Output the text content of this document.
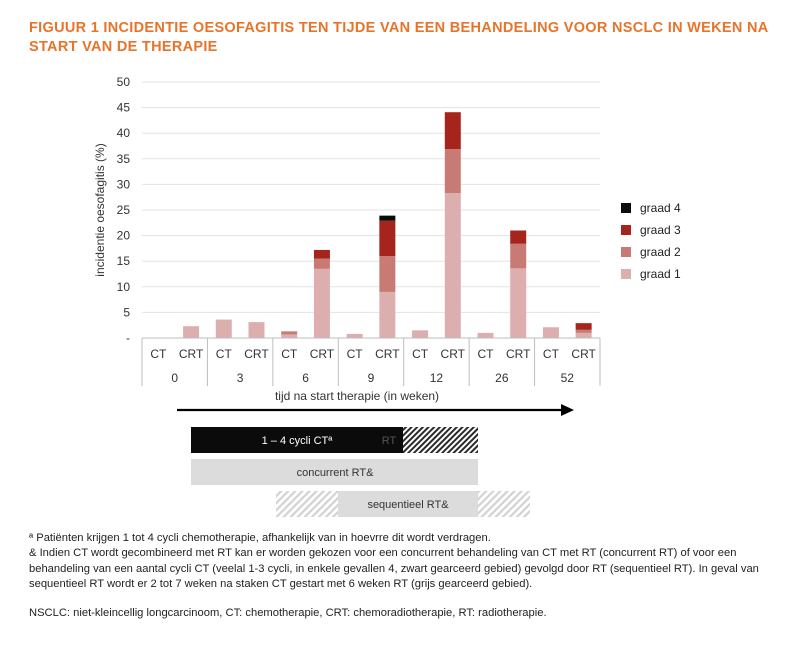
FIGUUR 1 INCIDENTIE OESOFAGITIS TEN TIJDE VAN EEN BEHANDELING VOOR NSCLC IN WEKEN NA START VAN DE THERAPIE
-
5
10
15
20
25
30
35
40
45
50
incidentie oesofagitis (%)
CT CRT CT CRT CT CRT CT CRT CT CRT CT CRT CT CRT
0	3	6	9	12	26	52
tijd na start therapie (in weken)
graad 4
graad 3
graad 2
graad 1
1 – 4 cycli CTª	RT
concurrent RT&
sequentieel RT&

ª Patiënten krijgen 1 tot 4 cycli chemotherapie, afhankelijk van in hoevrre dit wordt verdragen.

& Indien CT wordt gecombineerd met RT kan er worden gekozen voor een concurrent behandeling van CT met RT (concurrent RT) of voor een behandeling van een aantal cycli CT (veelal 1-3 cycli, in enkele gevallen 4, zwart gearceerd gebied) gevolgd door RT (sequentieel RT). In geval van sequentieel RT wordt er 2 tot 7 weken na staken CT gestart met 6 weken RT (grijs gearceerd gebied).

NSCLC: niet-kleincellig longcarcinoom, CT: chemotherapie, CRT: chemoradiotherapie, RT: radiotherapie.
